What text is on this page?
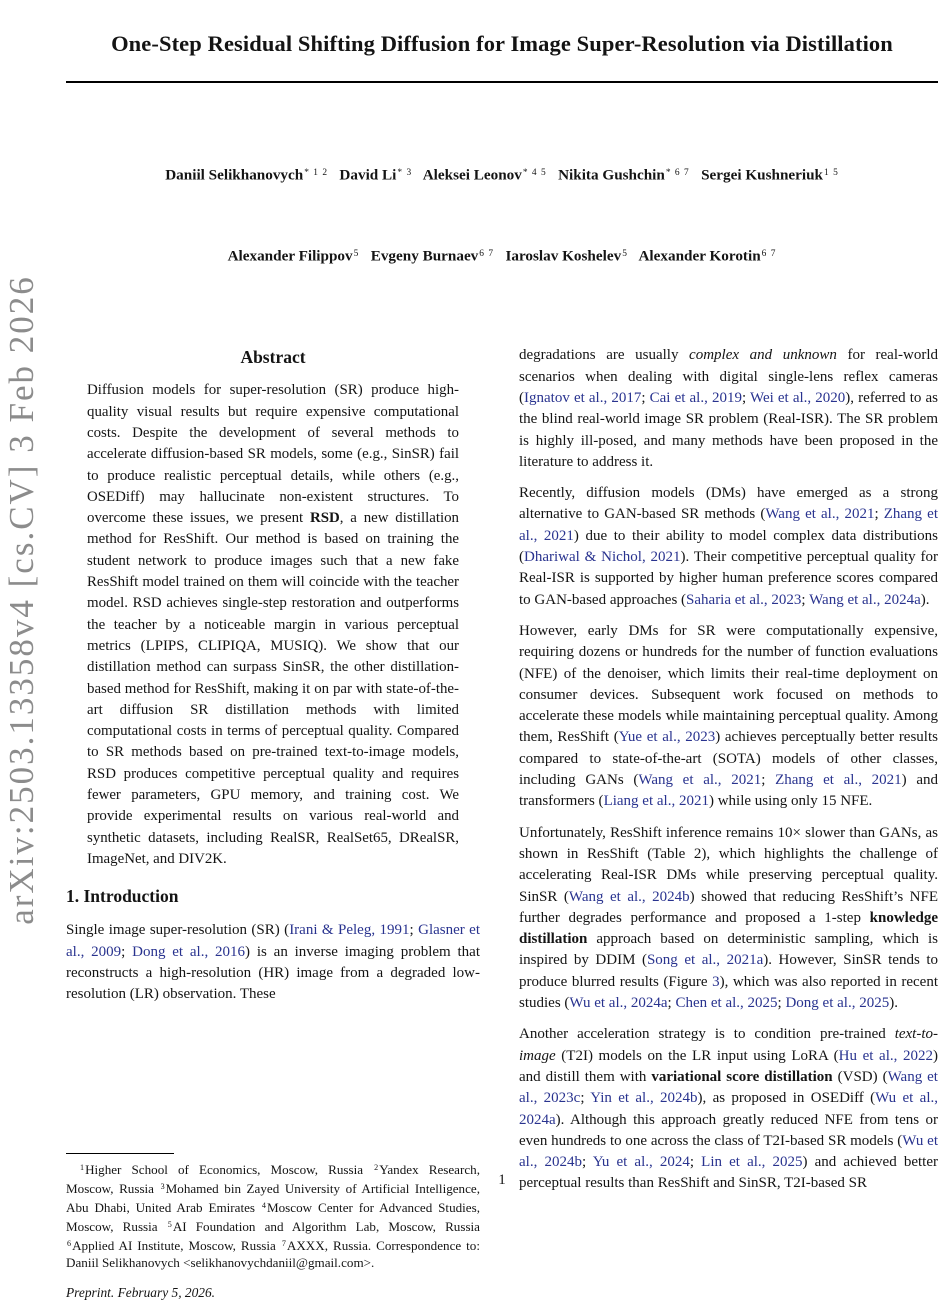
arXiv:2503.13358v4 [cs.CV] 3 Feb 2026
One-Step Residual Shifting Diffusion for Image Super-Resolution via Distillation

Daniil Selikhanovych$^{* 1 2}$ David Li$^{* 3}$ Aleksei Leonov$^{* 4 5}$ Nikita Gushchin$^{* 6 7}$ Sergei Kushneriuk$^{1 5}$

Alexander Filippov$^5$ Evgeny Burnaev$^{6 7}$ Iaroslav Koshelev$^5$ Alexander Korotin$^{6 7}$

Abstract

Diffusion models for super-resolution (SR) produce high-quality visual results but require expensive computational costs. Despite the development of several methods to accelerate diffusion-based SR models, some (e.g., SinSR) fail to produce realistic perceptual details, while others (e.g., OSEDiff) may hallucinate non-existent structures. To overcome these issues, we present RSD, a new distillation method for ResShift. Our method is based on training the student network to produce images such that a new fake ResShift model trained on them will coincide with the teacher model. RSD achieves single-step restoration and outperforms the teacher by a noticeable margin in various perceptual metrics (LPIPS, CLIPIQA, MUSIQ). We show that our distillation method can surpass SinSR, the other distillation-based method for ResShift, making it on par with state-of-the-art diffusion SR distillation methods with limited computational costs in terms of perceptual quality. Compared to SR methods based on pre-trained text-to-image models, RSD produces competitive perceptual quality and requires fewer parameters, GPU memory, and training cost. We provide experimental results on various real-world and synthetic datasets, including RealSR, RealSet65, DRealSR, ImageNet, and DIV2K.

1. Introduction

Single image super-resolution (SR) (Irani & Peleg, 1991; Glasner et al., 2009; Dong et al., 2016) is an inverse imaging problem that reconstructs a high-resolution (HR) image from a degraded low-resolution (LR) observation. These

$^1$Higher School of Economics, Moscow, Russia $^2$Yandex Research, Moscow, Russia $^3$Mohamed bin Zayed University of Artificial Intelligence, Abu Dhabi, United Arab Emirates $^4$Moscow Center for Advanced Studies, Moscow, Russia $^5$AI Foundation and Algorithm Lab, Moscow, Russia $^6$Applied AI Institute, Moscow, Russia $^7$AXXX, Russia. Correspondence to: Daniil Selikhanovych <selikhanovychdaniil@gmail.com>.

Preprint. February 5, 2026.

degradations are usually complex and unknown for real-world scenarios when dealing with digital single-lens reflex cameras (Ignatov et al., 2017; Cai et al., 2019; Wei et al., 2020), referred to as the blind real-world image SR problem (Real-ISR). The SR problem is highly ill-posed, and many methods have been proposed in the literature to address it.

Recently, diffusion models (DMs) have emerged as a strong alternative to GAN-based SR methods (Wang et al., 2021; Zhang et al., 2021) due to their ability to model complex data distributions (Dhariwal & Nichol, 2021). Their competitive perceptual quality for Real-ISR is supported by higher human preference scores compared to GAN-based approaches (Saharia et al., 2023; Wang et al., 2024a).

However, early DMs for SR were computationally expensive, requiring dozens or hundreds for the number of function evaluations (NFE) of the denoiser, which limits their real-time deployment on consumer devices. Subsequent work focused on methods to accelerate these models while maintaining perceptual quality. Among them, ResShift (Yue et al., 2023) achieves perceptually better results compared to state-of-the-art (SOTA) models of other classes, including GANs (Wang et al., 2021; Zhang et al., 2021) and transformers (Liang et al., 2021) while using only 15 NFE.

Unfortunately, ResShift inference remains 10× slower than GANs, as shown in ResShift (Table 2), which highlights the challenge of accelerating Real-ISR DMs while preserving perceptual quality. SinSR (Wang et al., 2024b) showed that reducing ResShift’s NFE further degrades performance and proposed a 1-step knowledge distillation approach based on deterministic sampling, which is inspired by DDIM (Song et al., 2021a). However, SinSR tends to produce blurred results (Figure 3), which was also reported in recent studies (Wu et al., 2024a; Chen et al., 2025; Dong et al., 2025).

Another acceleration strategy is to condition pre-trained text-to-image (T2I) models on the LR input using LoRA (Hu et al., 2022) and distill them with variational score distillation (VSD) (Wang et al., 2023c; Yin et al., 2024b), as proposed in OSEDiff (Wu et al., 2024a). Although this approach greatly reduced NFE from tens or even hundreds to one across the class of T2I-based SR models (Wu et al., 2024b; Yu et al., 2024; Lin et al., 2025) and achieved better perceptual results than ResShift and SinSR, T2I-based SR

1
